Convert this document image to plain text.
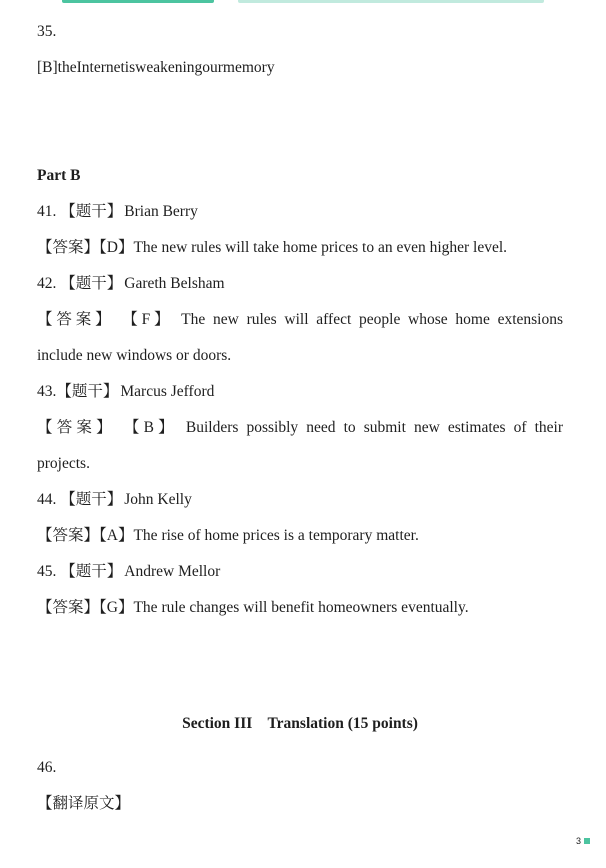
35.
[B]theInternetisweakeningourmemory
Part B
41. 【题干】 Brian Berry
【答案】【D】The new rules will take home prices to an even higher level.
42. 【题干】 Gareth Belsham
【答案】 【F】 The new rules will affect people whose home extensions
include new windows or doors.
43.【题干】 Marcus Jefford
【答案】 【B】 Builders possibly need to submit new estimates of their
projects.
44. 【题干】 John Kelly
【答案】【A】The rise of home prices is a temporary matter.
45. 【题干】 Andrew Mellor
【答案】【G】The rule changes will benefit homeowners eventually.
Section III    Translation (15 points)
46.
【翻译原文】
3
